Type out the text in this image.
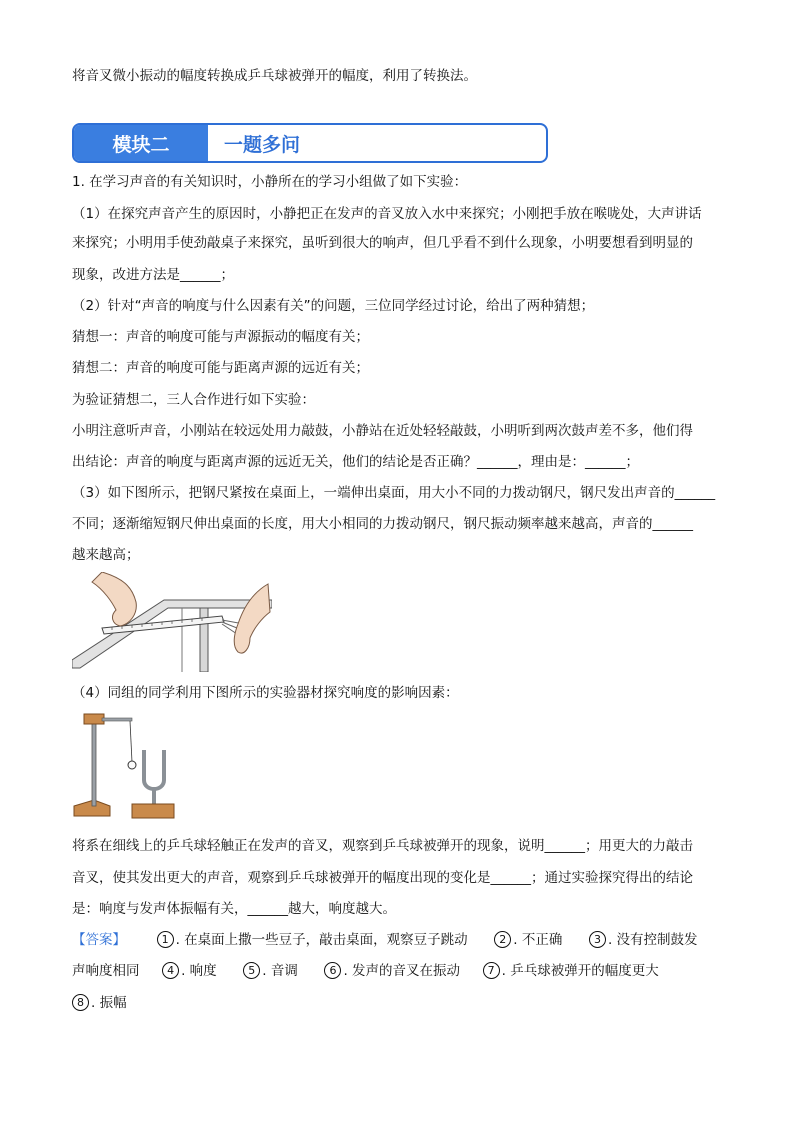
将音叉微小振动的幅度转换成乒乓球被弹开的幅度，利用了转换法。
模块二	一题多问
1. 在学习声音的有关知识时，小静所在的学习小组做了如下实验：
（1）在探究声音产生的原因时，小静把正在发声的音叉放入水中来探究；小刚把手放在喉咙处，大声讲话
来探究；小明用手使劲敲桌子来探究，虽听到很大的响声，但几乎看不到什么现象，小明要想看到明显的
现象，改进方法是______；
（2）针对“声音的响度与什么因素有关”的问题，三位同学经过讨论，给出了两种猜想；
猜想一：声音的响度可能与声源振动的幅度有关；
猜想二：声音的响度可能与距离声源的远近有关；
为验证猜想二，三人合作进行如下实验：
小明注意听声音，小刚站在较远处用力敲鼓，小静站在近处轻轻敲鼓，小明听到两次鼓声差不多，他们得
出结论：声音的响度与距离声源的远近无关，他们的结论是否正确？______，理由是：______；
（3）如下图所示，把钢尺紧按在桌面上，一端伸出桌面，用大小不同的力拨动钢尺，钢尺发出声音的______
不同；逐渐缩短钢尺伸出桌面的长度，用大小相同的力拨动钢尺，钢尺振动频率越来越高，声音的______
越来越高；
（4）同组的同学利用下图所示的实验器材探究响度的影响因素：
将系在细线上的乒乓球轻触正在发声的音叉，观察到乒乓球被弹开的现象，说明______；用更大的力敲击
音叉，使其发出更大的声音，观察到乒乓球被弹开的幅度出现的变化是______；通过实验探究得出的结论
是：响度与发声体振幅有关，______越大，响度越大。
【答案】	1 . 在桌面上撒一些豆子，敲击桌面，观察豆子跳动	2 . 不正确	3 . 没有控制鼓发
声响度相同	4 . 响度	5 . 音调	6 . 发声的音叉在振动	7 . 乒乓球被弹开的幅度更大
8 . 振幅
